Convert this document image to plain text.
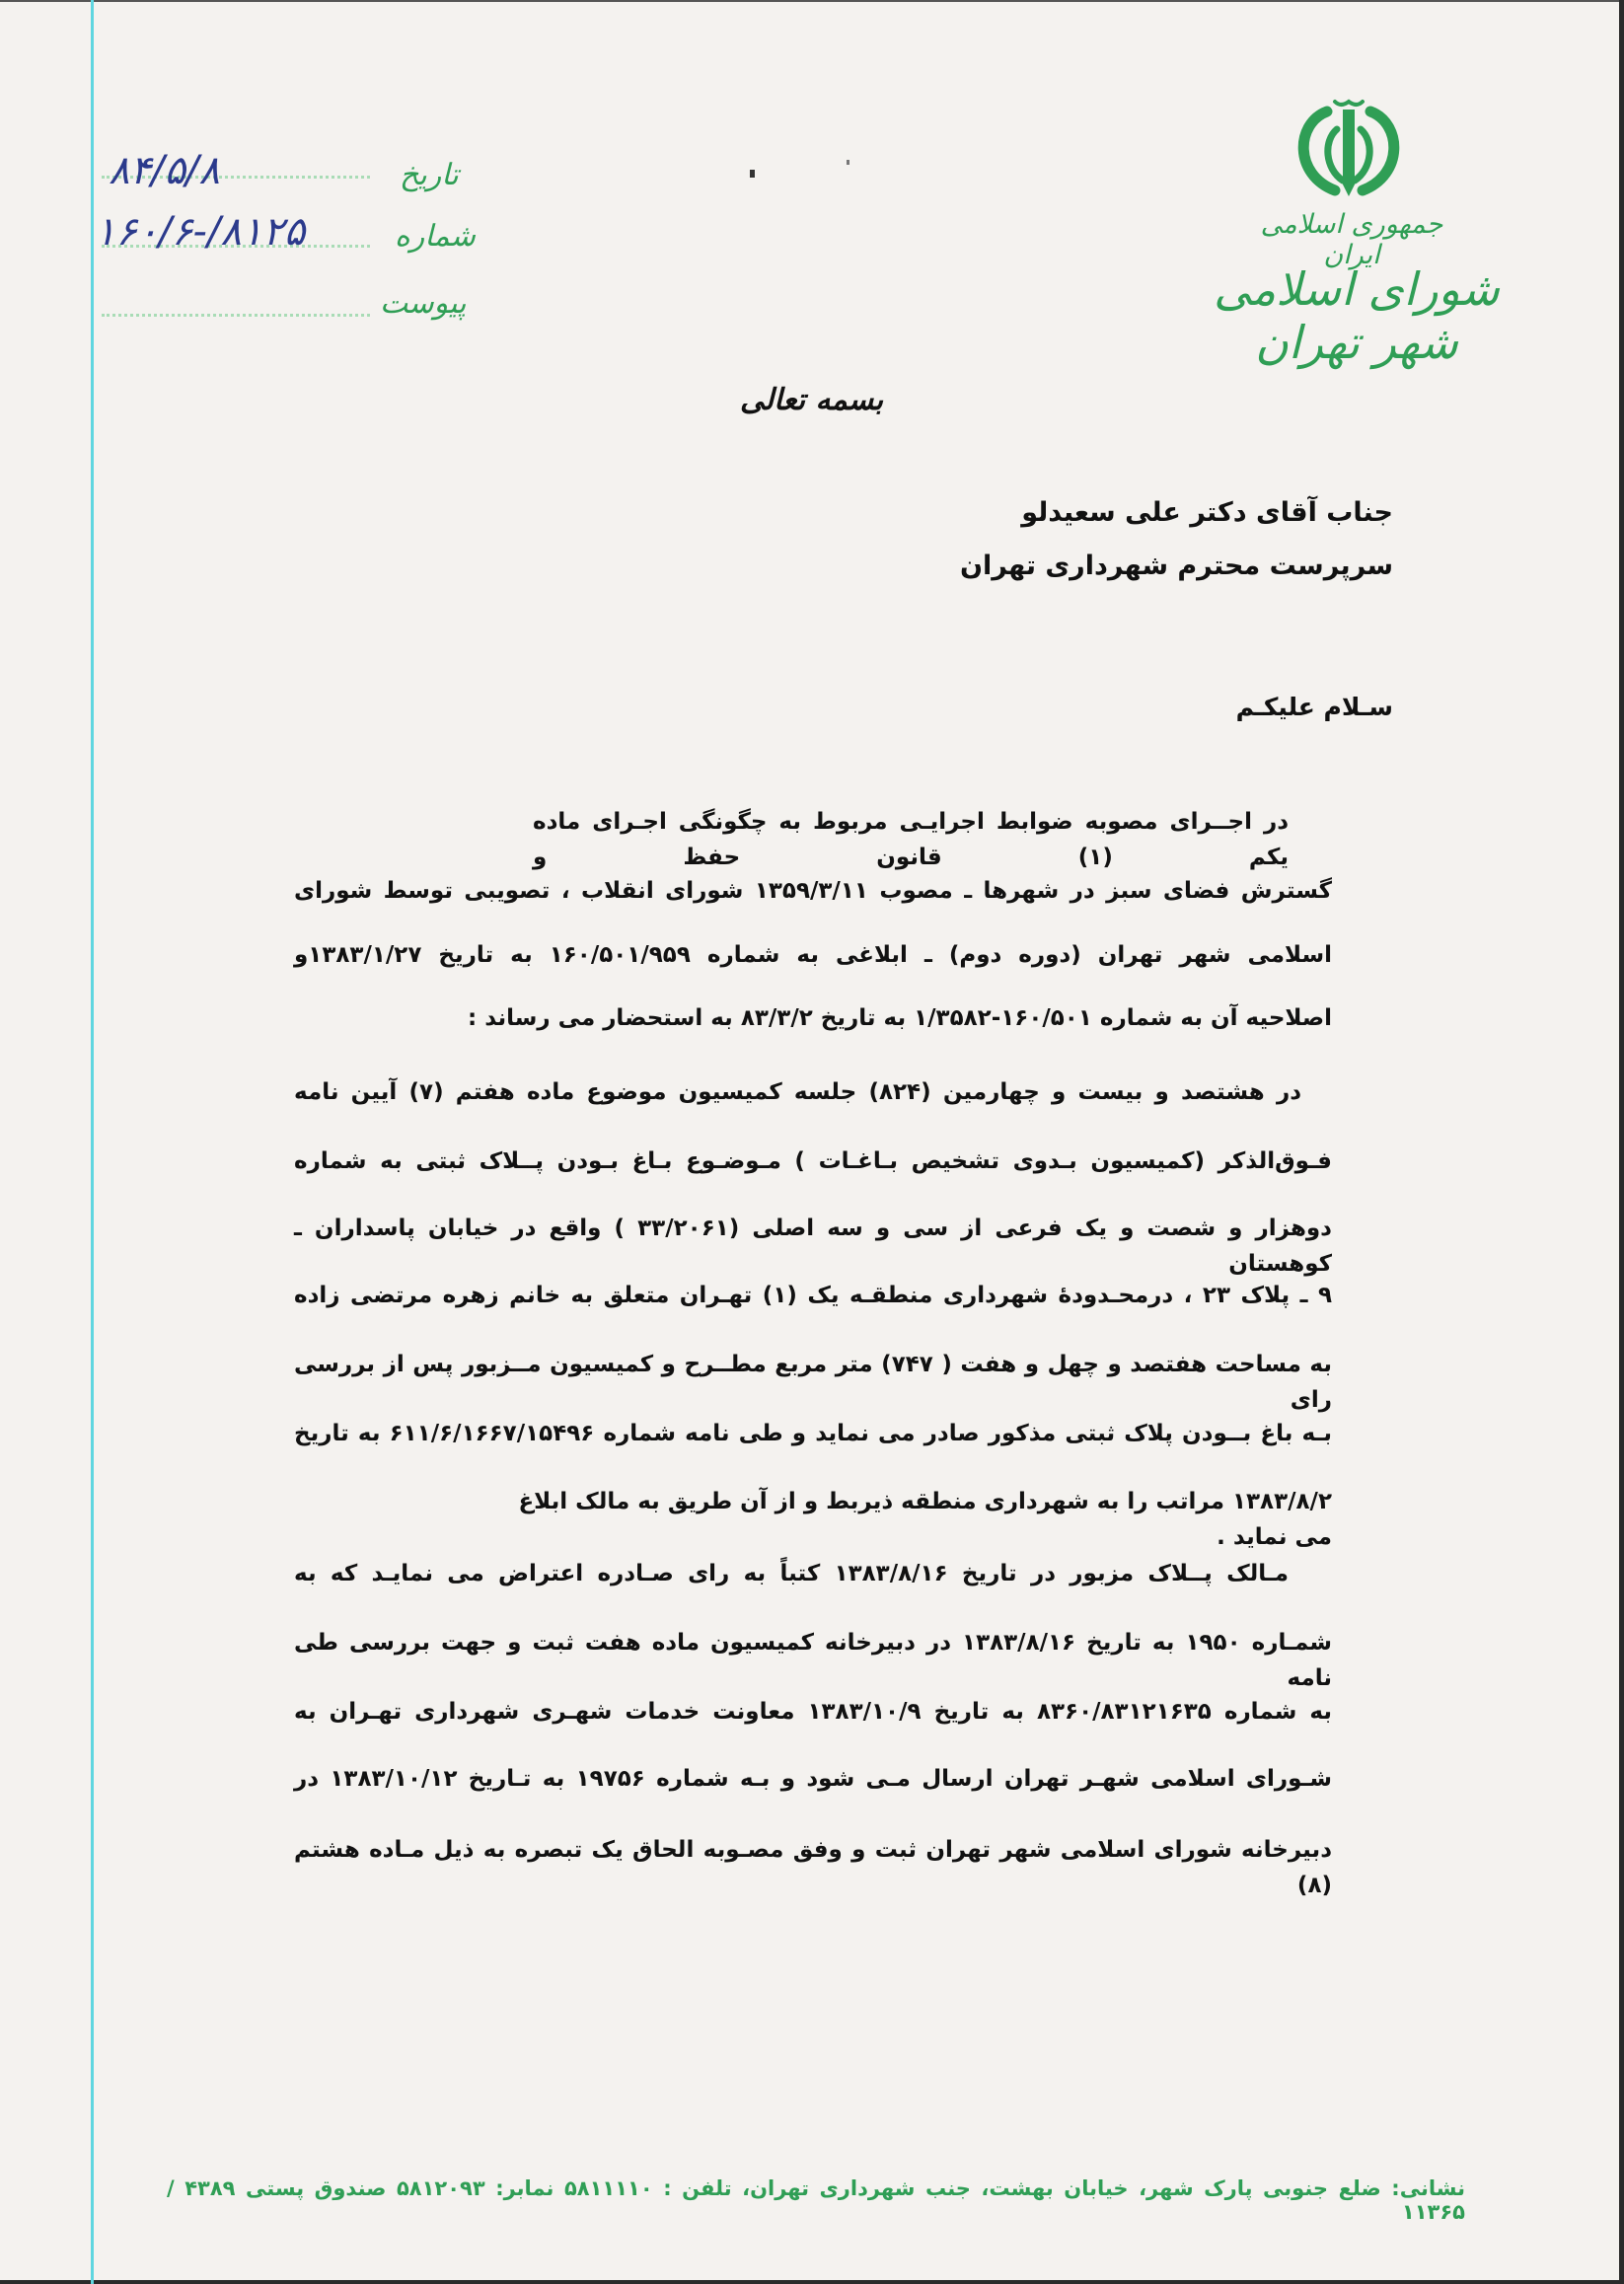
تاریخ
۸۴/۵/۸
شماره
۱۶۰/۶-/۸۱۲۵
پیوست
جمهوری اسلامی ایران
شورای اسلامی شهر تهران
بسمه تعالی
جناب آقای دکتر علی سعیدلو
سرپرست محترم شهرداری تهران
سـلام علیکـم
در اجــرای مصوبه ضوابط اجرایـی مربوط به چگونگی اجـرای ماده یکم (۱) قانون حفظ و
گسترش فضای سبز در شهرها ـ مصوب ۱۳۵۹/۳/۱۱ شورای انقلاب ، تصویبی توسط شورای
اسلامی شهر تهران (دوره دوم) ـ ابلاغی به شماره ۱۶۰/۵۰۱/۹۵۹ به تاریخ ۱۳۸۳/۱/۲۷و
اصلاحیه آن به شماره ۱۶۰/۵۰۱-۱/۳۵۸۲ به تاریخ ۸۳/۳/۲ به استحضار می رساند :
در هشتصد و بیست و چهارمین (۸۲۴) جلسه کمیسیون موضوع ماده هفتم (۷) آیین نامه
فـوق‌الذکر (کمیسیون بـدوی تشخیص بـاغـات ) مـوضـوع بـاغ بـودن پــلاک ثبتی به شماره
دوهزار و شصت و یک فرعی از سی و سه اصلی (۳۳/۲۰۶۱ ) واقع در خیابان پاسداران ـ کوهستان
۹ ـ پلاک ۲۳ ، درمحـدودهٔ شهرداری منطقـه یک (۱) تهـران متعلق به خانم زهره مرتضی زاده
به مساحت هفتصد و چهل و هفت ( ۷۴۷) متر مربع مطــرح و کمیسیون مــزبور پس از بررسی رای
بـه باغ بــودن پلاک ثبتی مذکور صادر می نماید و طی نامه شماره ۶۱۱/۶/۱۶۶۷/۱۵۴۹۶ به تاریخ
۱۳۸۳/۸/۲ مراتب را به شهرداری منطقه ذیربط و از آن طریق به مالک ابلاغ می نماید .
مـالک پــلاک مزبور در تاریخ ۱۳۸۳/۸/۱۶ کتباً به رای صـادره اعتراض می نمایـد که به
شمـاره ۱۹۵۰ به تاریخ ۱۳۸۳/۸/۱۶ در دبیرخانه کمیسیون ماده هفت ثبت و جهت بررسی طی نامه
به شماره ۸۳۶۰/۸۳۱۲۱۶۳۵ به تاریخ ۱۳۸۳/۱۰/۹ معاونت خدمات شهـری شهرداری تهـران به
شـورای اسلامی شهـر تهران ارسال مـی شود و بـه شماره ۱۹۷۵۶ به تـاریخ ۱۳۸۳/۱۰/۱۲ در
دبیرخانه شورای اسلامی شهر تهران ثبت و وفق مصـوبه الحاق یک تبصره به ذیل مـاده هشتم (۸)
نشانی: ضلع جنوبی پارک شهر، خیابان بهشت، جنب شهرداری تهران، تلفن : ۵۸۱۱۱۱۰ نمابر: ۵۸۱۲۰۹۳ صندوق پستی ۴۳۸۹ / ۱۱۳۶۵
